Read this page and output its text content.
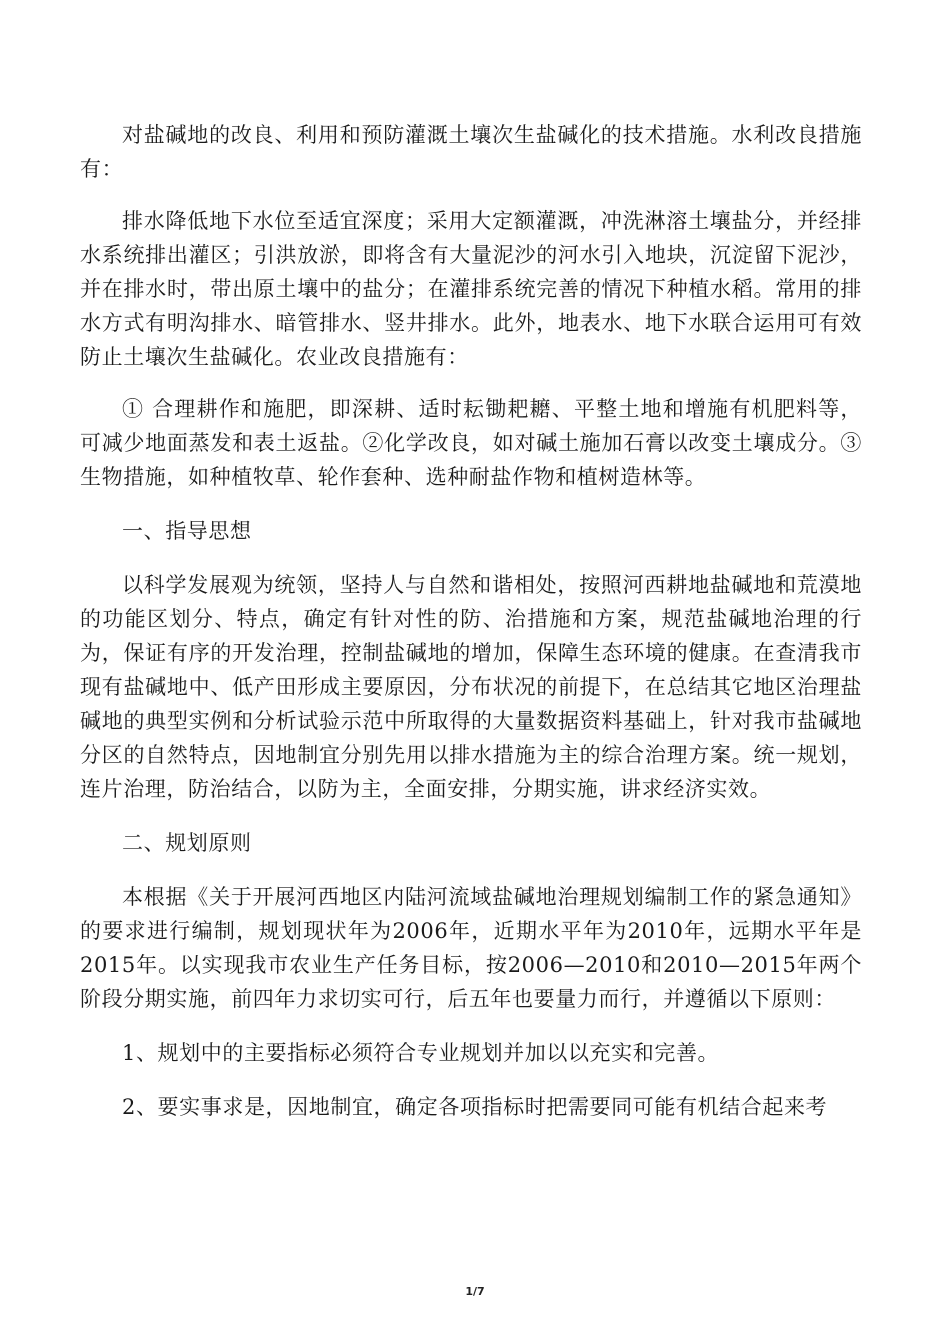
对盐碱地的改良、利用和预防灌溉土壤次生盐碱化的技术措施。水利改良措施有：

排水降低地下水位至适宜深度；采用大定额灌溉，冲洗淋溶土壤盐分，并经排水系统排出灌区；引洪放淤，即将含有大量泥沙的河水引入地块，沉淀留下泥沙，并在排水时，带出原土壤中的盐分；在灌排系统完善的情况下种植水稻。常用的排水方式有明沟排水、暗管排水、竖井排水。此外，地表水、地下水联合运用可有效防止土壤次生盐碱化。农业改良措施有：

① 合理耕作和施肥，即深耕、适时耘锄耙耱、平整土地和增施有机肥料等，可减少地面蒸发和表土返盐。②化学改良，如对碱土施加石膏以改变土壤成分。③生物措施，如种植牧草、轮作套种、选种耐盐作物和植树造林等。

一、指导思想

以科学发展观为统领，坚持人与自然和谐相处，按照河西耕地盐碱地和荒漠地的功能区划分、特点，确定有针对性的防、治措施和方案，规范盐碱地治理的行为，保证有序的开发治理，控制盐碱地的增加，保障生态环境的健康。在查清我市现有盐碱地中、低产田形成主要原因，分布状况的前提下，在总结其它地区治理盐碱地的典型实例和分析试验示范中所取得的大量数据资料基础上，针对我市盐碱地分区的自然特点，因地制宜分别先用以排水措施为主的综合治理方案。统一规划，连片治理，防治结合，以防为主，全面安排，分期实施，讲求经济实效。

二、规划原则

本根据《关于开展河西地区内陆河流域盐碱地治理规划编制工作的紧急通知》的要求进行编制，规划现状年为2006年，近期水平年为2010年，远期水平年是2015年。以实现我市农业生产任务目标，按2006—2010和2010—2015年两个阶段分期实施，前四年力求切实可行，后五年也要量力而行，并遵循以下原则：

1、规划中的主要指标必须符合专业规划并加以以充实和完善。

2、要实事求是，因地制宜，确定各项指标时把需要同可能有机结合起来考

1/7
